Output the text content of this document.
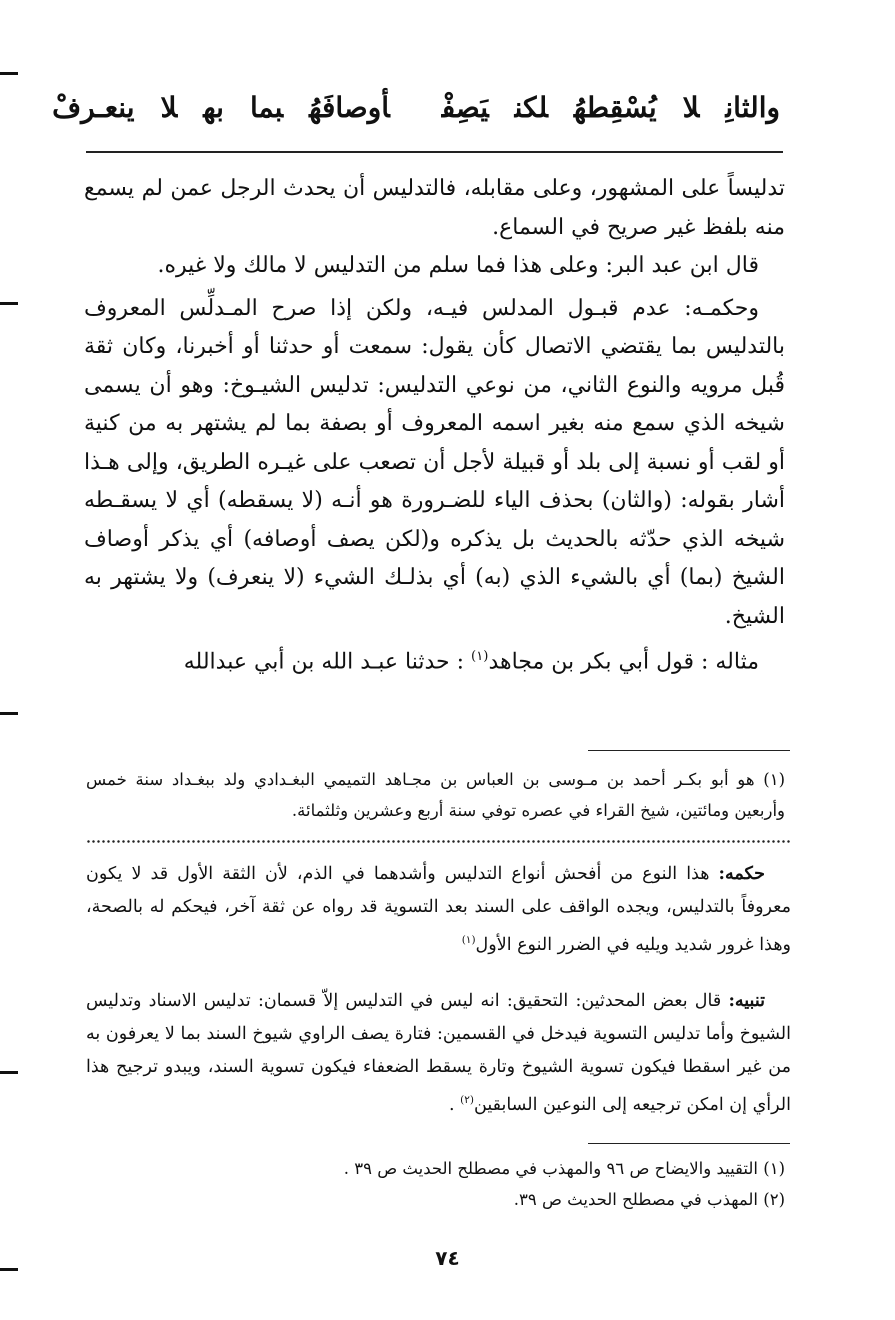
والثانِلايُسْقِطهُلكنيَصِفْأوصافَهُبمابهلاينعـرفْ

تدليساً على المشهور، وعلى مقابله، فالتدليس أن يحدث الرجل عمن لم يسمع منه بلفظ غير صريح في السماع.

قال ابن عبد البر: وعلى هذا فما سلم من التدليس لا مالك ولا غيره.

وحكمـه: عدم قبـول المدلس فيـه، ولكن إذا صرح المـدلِّس المعروف بالتدليس بما يقتضي الاتصال كأن يقول: سمعت أو حدثنا أو أخبرنا، وكان ثقة قُبل مرويه والنوع الثاني، من نوعي التدليس: تدليس الشيـوخ: وهو أن يسمى شيخه الذي سمع منه بغير اسمه المعروف أو بصفة بما لم يشتهر به من كنية أو لقب أو نسبة إلى بلد أو قبيلة لأجل أن تصعب على غيـره الطريق، وإلى هـذا أشار بقوله: (والثان) بحذف الياء للضـرورة هو أنـه (لا يسقطه) أي لا يسقـطه شيخه الذي حدّثه بالحديث بل يذكره و(لكن يصف أوصافه) أي يذكر أوصاف الشيخ (بما) أي بالشيء الذي (به) أي بذلـك الشيء (لا ينعرف) ولا يشتهر به الشيخ.

مثاله : قول أبي بكر بن مجاهد$^{(١)}$ : حدثنا عبـد الله بن أبي عبدالله

(١) هو أبو بكـر أحمد بن مـوسى بن العباس بن مجـاهد التميمي البغـدادي ولد ببغـداد سنة خمس وأربعين ومائتين، شيخ القراء في عصره توفي سنة أربع وعشرين وثلثمائة.

حكمه: هذا النوع من أفحش أنواع التدليس وأشدهما في الذم، لأن الثقة الأول قد لا يكون معروفاً بالتدليس، ويجده الواقف على السند بعد التسوية قد رواه عن ثقة آخر، فيحكم له بالصحة، وهذا غرور شديد ويليه في الضرر النوع الأول$^{(١)}$

تنبيه: قال بعض المحدثين: التحقيق: انه ليس في التدليس إلاّ قسمان: تدليس الاسناد وتدليس الشيوخ وأما تدليس التسوية فيدخل في القسمين: فتارة يصف الراوي شيوخ السند بما لا يعرفون به من غير اسقطا فيكون تسوية الشيوخ وتارة يسقط الضعفاء فيكون تسوية السند، ويبدو ترجيح هذا الرأي إن امكن ترجيعه إلى النوعين السابقين$^{(٢)}$ .

(١) التقييد والايضاح ص ٩٦ والمهذب في مصطلح الحديث ص ٣٩ .

(٢) المهذب في مصطلح الحديث ص ٣٩.

٧٤
